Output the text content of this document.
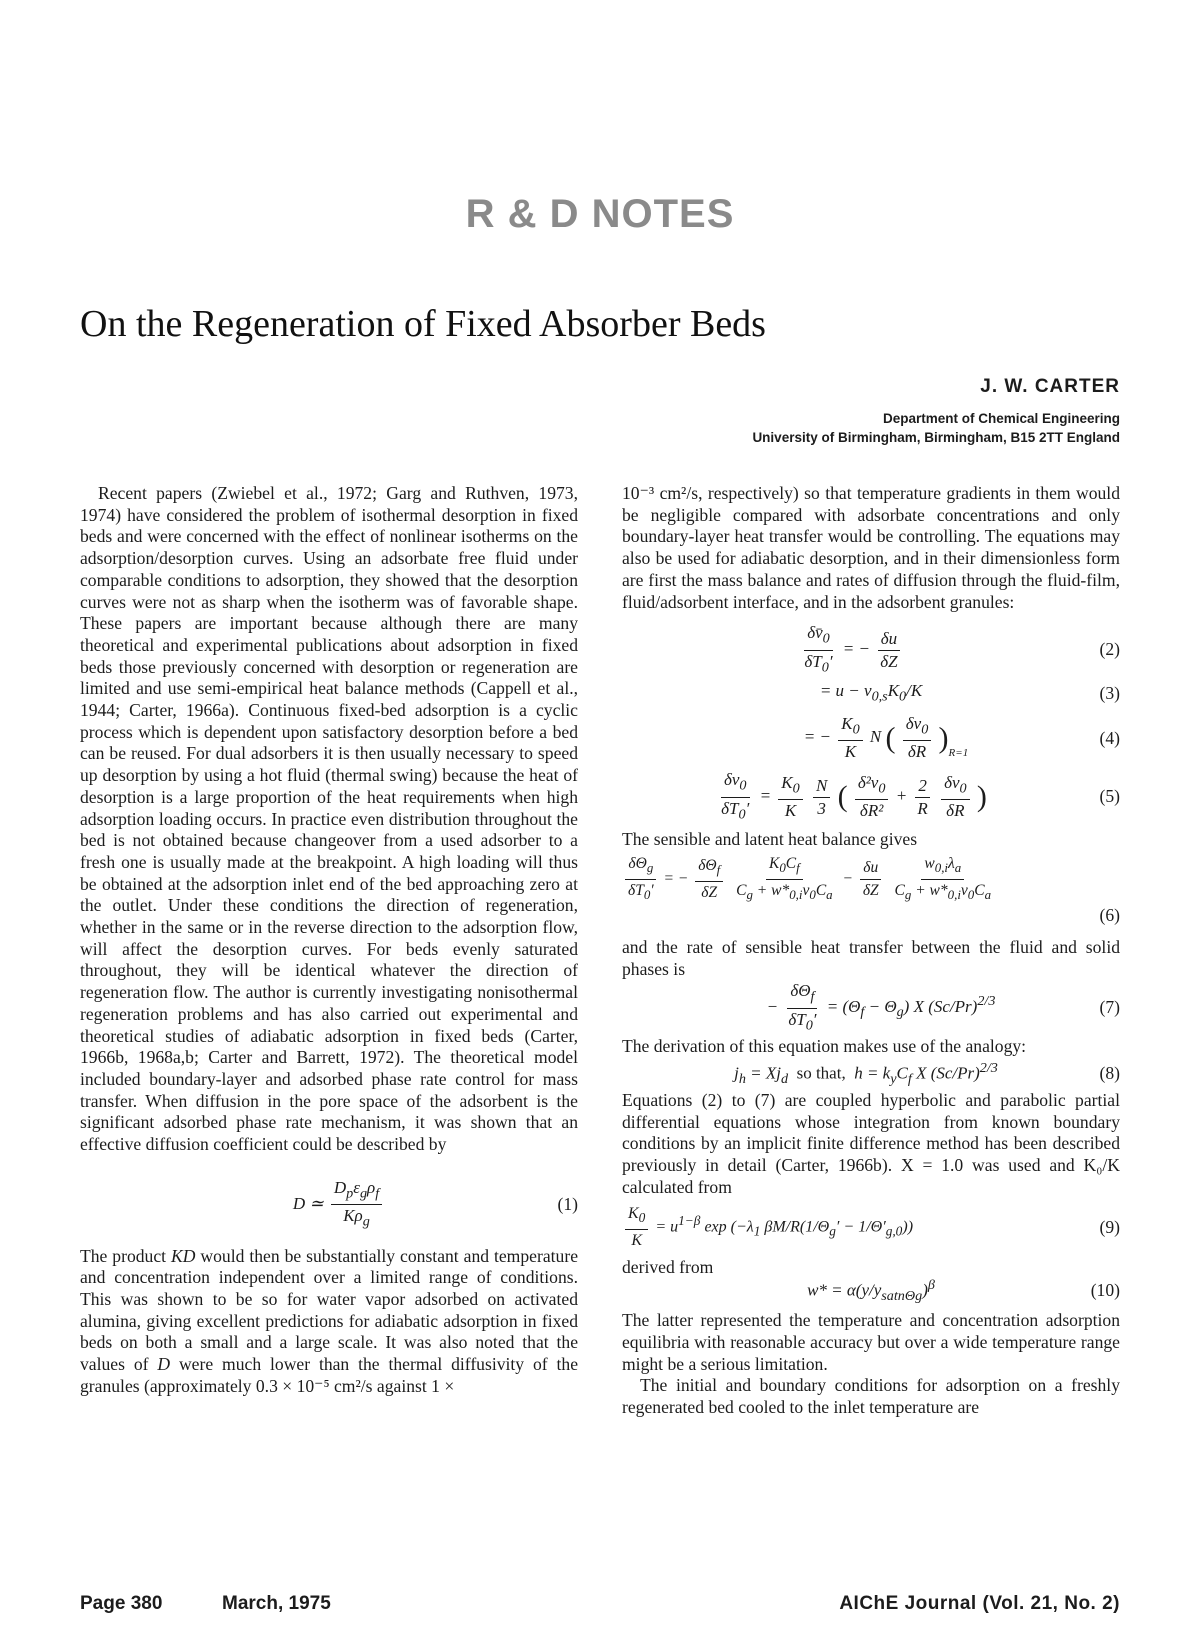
R & D NOTES
On the Regeneration of Fixed Absorber Beds
J. W. CARTER
Department of Chemical Engineering
University of Birmingham, Birmingham, B15 2TT England

Recent papers (Zwiebel et al., 1972; Garg and Ruthven, 1973, 1974) have considered the problem of isothermal desorption in fixed beds and were concerned with the effect of nonlinear isotherms on the adsorption/desorption curves. Using an adsorbate free fluid under comparable conditions to adsorption, they showed that the desorption curves were not as sharp when the isotherm was of favorable shape. These papers are important because although there are many theoretical and experimental publications about adsorption in fixed beds those previously concerned with desorption or regeneration are limited and use semi-empirical heat balance methods (Cappell et al., 1944; Carter, 1966a). Continuous fixed-bed adsorption is a cyclic process which is dependent upon satisfactory desorption before a bed can be reused. For dual adsorbers it is then usually necessary to speed up desorption by using a hot fluid (thermal swing) because the heat of desorption is a large proportion of the heat requirements when high adsorption loading occurs. In practice even distribution throughout the bed is not obtained because changeover from a used adsorber to a fresh one is usually made at the breakpoint. A high loading will thus be obtained at the adsorption inlet end of the bed approaching zero at the outlet. Under these conditions the direction of regeneration, whether in the same or in the reverse direction to the adsorption flow, will affect the desorption curves. For beds evenly saturated throughout, they will be identical whatever the direction of regeneration flow. The author is currently investigating nonisothermal regeneration problems and has also carried out experimental and theoretical studies of adiabatic adsorption in fixed beds (Carter, 1966b, 1968a,b; Carter and Barrett, 1972). The theoretical model included boundary-layer and adsorbed phase rate control for mass transfer. When diffusion in the pore space of the adsorbent is the significant adsorbed phase rate mechanism, it was shown that an effective diffusion coefficient could be described by

D ≃ $\frac{D_p\varepsilon_g\rho_f}{K\rho_g}$	(1)

The product KD would then be substantially constant and temperature and concentration independent over a limited range of conditions. This was shown to be so for water vapor adsorbed on activated alumina, giving excellent predictions for adiabatic adsorption in fixed beds on both a small and a large scale. It was also noted that the values of D were much lower than the thermal diffusivity of the granules (approximately 0.3 × 10⁻⁵ cm²/s against 1 ×

10⁻³ cm²/s, respectively) so that temperature gradients in them would be negligible compared with adsorbate concentrations and only boundary-layer heat transfer would be controlling. The equations may also be used for adiabatic desorption, and in their dimensionless form are first the mass balance and rates of diffusion through the fluid-film, fluid/adsorbent interface, and in the adsorbent granules:

$\frac{\delta v̄_0}{\delta T_0'}$ = − $\frac{\delta u}{\delta Z}$	(2)
= $u - v_{0,s}K_0/K$	(3)
= − $\frac{K_0}{K}$ N ( $\frac{\delta v_0}{\delta R} )_{R=1}$
(4)
$\frac{\delta v_0}{\delta T_0'} = \frac{K_0}{K}$
$\frac{N}{3}$ ( $\frac{\delta^2v_0}{\text{δR²}} + \frac{2}{R}$
$\frac{\delta v_0}{\delta R}$ )	(5)

The sensible and latent heat balance gives

$\frac{\delta\Theta_g}{\delta T_0'}$ = − $\frac{\delta\Theta_f}{\delta Z}$
$\frac{K_0C_f}{C_g + w*_{0,i}v_0C_a} - \frac{\delta u}{\delta Z}$
$\frac{w_{0,i}\lambda_a}{C_g + w*_{0,i}v_0C_a}$
(6)

and the rate of sensible heat transfer between the fluid and solid phases is

− $\frac{\delta\Theta_f}{\delta T_0'} = (\Theta_f - \Theta_g)$ X $(Sc/Pr)^{2/3}$	(7)

The derivation of this equation makes use of the analogy:

$j_h = Xj_d$ so that,  $h = k_yC_f$ X $(Sc/Pr)^{2/3}$	(8)

Equations (2) to (7) are coupled hyperbolic and parabolic partial differential equations whose integration from known boundary conditions by an implicit finite difference method has been described previously in detail (Carter, 1966b). X = 1.0 was used and K₀/K calculated from

$\frac{K_0}{K} = u^{1-\beta}$ $\exp (-\lambda_1$ $\beta M/R(1/\Theta_g' - 1/\Theta'_{g,0})$)	(9)

derived from

$w* = \alpha(y/y_{satn\Theta g})^\beta$	(10)

The latter represented the temperature and concentration adsorption equilibria with reasonable accuracy but over a wide temperature range might be a serious limitation.

The initial and boundary conditions for adsorption on a freshly regenerated bed cooled to the inlet temperature are

Page 380	March, 1975	AIChE Journal (Vol. 21, No. 2)
